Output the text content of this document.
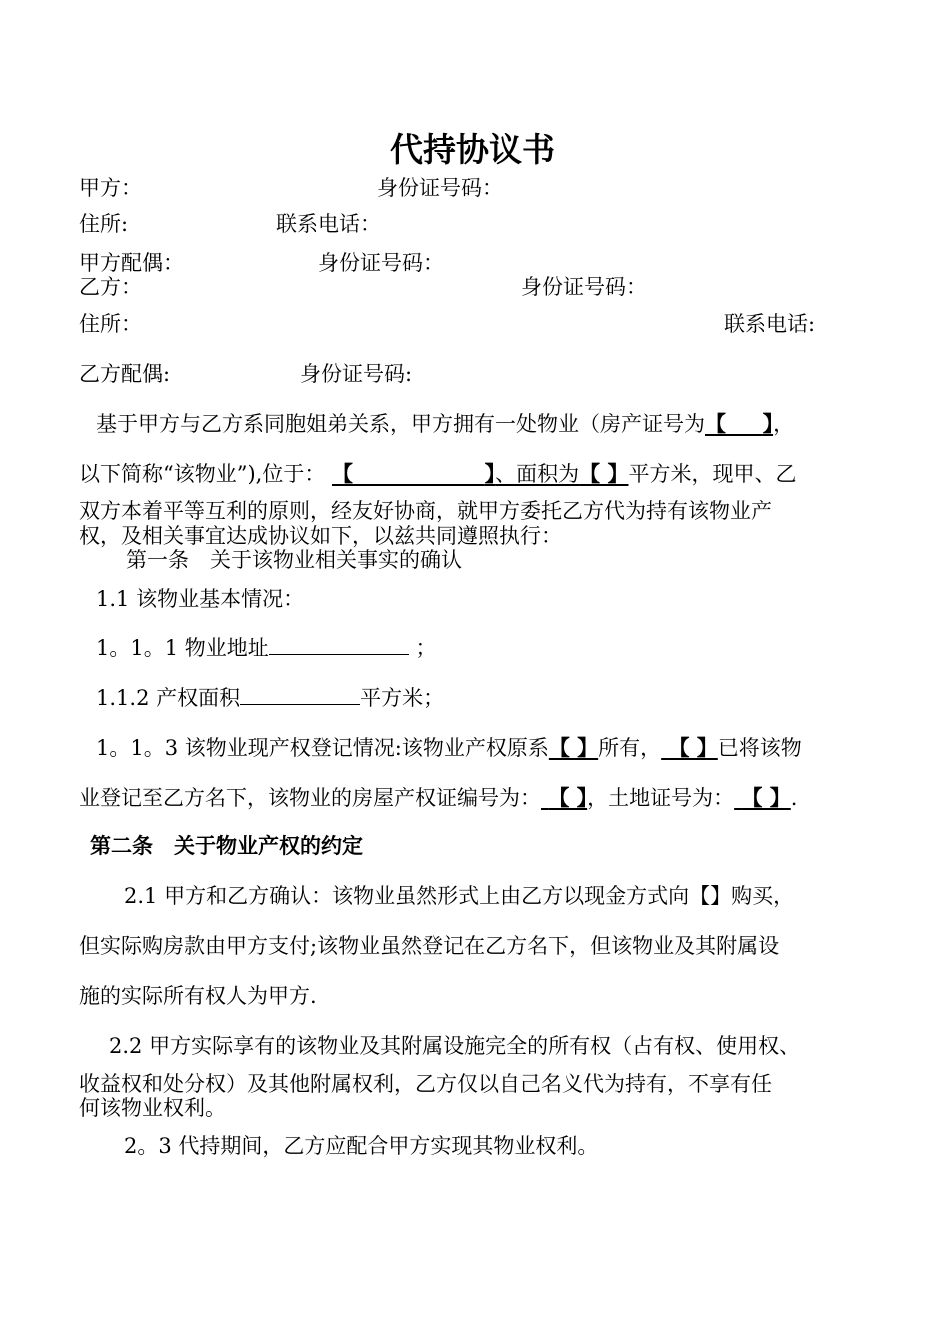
代持协议书
甲方：	身份证号码：
住所:	联系电话：
甲方配偶：	身份证号码：
乙方：	身份证号码：
住所：	联系电话:
乙方配偶:	身份证号码:
基于甲方与乙方系同胞姐弟关系，甲方拥有一处物业（房产证号为【 】，
以下简称“该物业”),位于： 【	】、面积为【 】平方米，现甲、乙
双方本着平等互利的原则，经友好协商，就甲方委托乙方代为持有该物业产
权，及相关事宜达成协议如下，以兹共同遵照执行：
第一条　关于该物业相关事实的确认
1.1 该物业基本情况：
1。1。1 物业地址	；
1.1.2 产权面积	平方米；
1。1。3 该物业现产权登记情况:该物业产权原系【 】所有， 【 】已将该物
业登记至乙方名下，该物业的房屋产权证编号为： 【 】，土地证号为： 【 】.
第二条　关于物业产权的约定
2.1 甲方和乙方确认：该物业虽然形式上由乙方以现金方式向【】购买，
但实际购房款由甲方支付;该物业虽然登记在乙方名下，但该物业及其附属设
施的实际所有权人为甲方.
2.2 甲方实际享有的该物业及其附属设施完全的所有权（占有权、使用权、
收益权和处分权）及其他附属权利，乙方仅以自己名义代为持有，不享有任
何该物业权利。
2。3 代持期间，乙方应配合甲方实现其物业权利。
